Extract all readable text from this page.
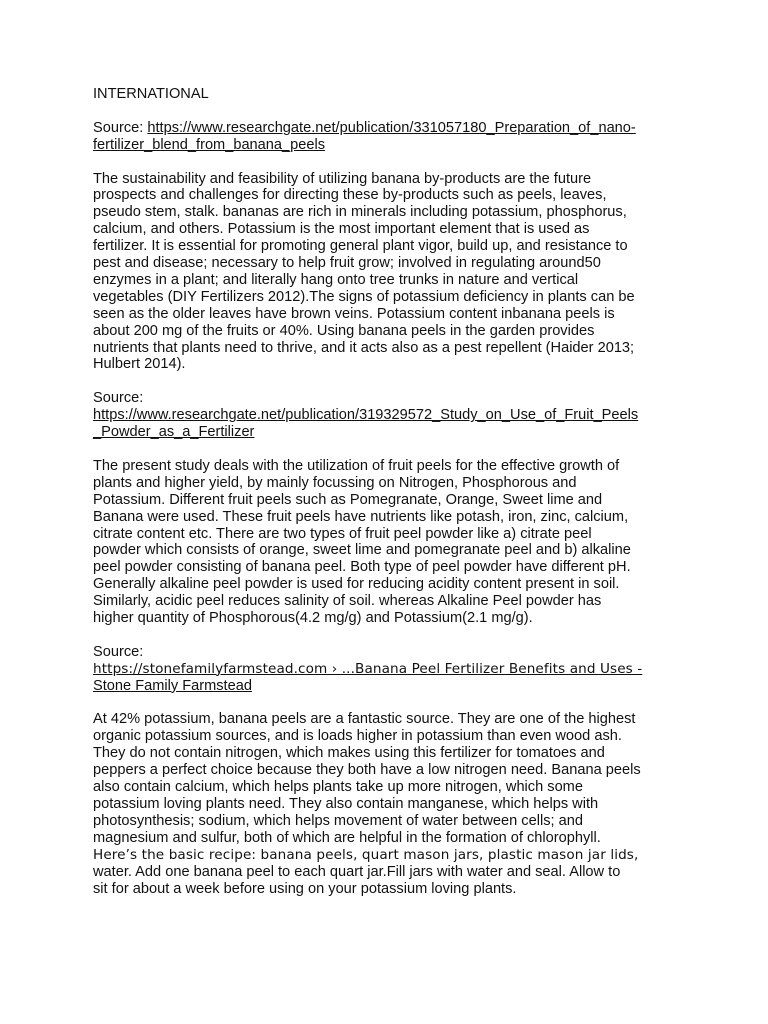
INTERNATIONAL
Source: https://www.researchgate.net/publication/331057180_Preparation_of_nano-
fertilizer_blend_from_banana_peels
The sustainability and feasibility of utilizing banana by-products are the future
prospects and challenges for directing these by-products such as peels, leaves,
pseudo stem, stalk. bananas are rich in minerals including potassium, phosphorus,
calcium, and others. Potassium is the most important element that is used as
fertilizer. It is essential for promoting general plant vigor, build up, and resistance to
pest and disease; necessary to help fruit grow; involved in regulating around50
enzymes in a plant; and literally hang onto tree trunks in nature and vertical
vegetables (DIY Fertilizers 2012).The signs of potassium deficiency in plants can be
seen as the older leaves have brown veins. Potassium content inbanana peels is
about 200 mg of the fruits or 40%. Using banana peels in the garden provides
nutrients that plants need to thrive, and it acts also as a pest repellent (Haider 2013;
Hulbert 2014).
Source:
https://www.researchgate.net/publication/319329572_Study_on_Use_of_Fruit_Peels
_Powder_as_a_Fertilizer
The present study deals with the utilization of fruit peels for the effective growth of
plants and higher yield, by mainly focussing on Nitrogen, Phosphorous and
Potassium. Different fruit peels such as Pomegranate, Orange, Sweet lime and
Banana were used. These fruit peels have nutrients like potash, iron, zinc, calcium,
citrate content etc. There are two types of fruit peel powder like a) citrate peel
powder which consists of orange, sweet lime and pomegranate peel and b) alkaline
peel powder consisting of banana peel. Both type of peel powder have different pH.
Generally alkaline peel powder is used for reducing acidity content present in soil.
Similarly, acidic peel reduces salinity of soil. whereas Alkaline Peel powder has
higher quantity of Phosphorous(4.2 mg/g) and Potassium(2.1 mg/g).
Source:
https://stonefamilyfarmstead.com › ...Banana Peel Fertilizer Benefits and Uses -
Stone Family Farmstead
At 42% potassium, banana peels are a fantastic source. They are one of the highest
organic potassium sources, and is loads higher in potassium than even wood ash.
They do not contain nitrogen, which makes using this fertilizer for tomatoes and
peppers a perfect choice because they both have a low nitrogen need. Banana peels
also contain calcium, which helps plants take up more nitrogen, which some
potassium loving plants need. They also contain manganese, which helps with
photosynthesis; sodium, which helps movement of water between cells; and
magnesium and sulfur, both of which are helpful in the formation of chlorophyll.
Here’s the basic recipe: banana peels, quart mason jars, plastic mason jar lids,
water. Add one banana peel to each quart jar.Fill jars with water and seal. Allow to
sit for about a week before using on your potassium loving plants.
